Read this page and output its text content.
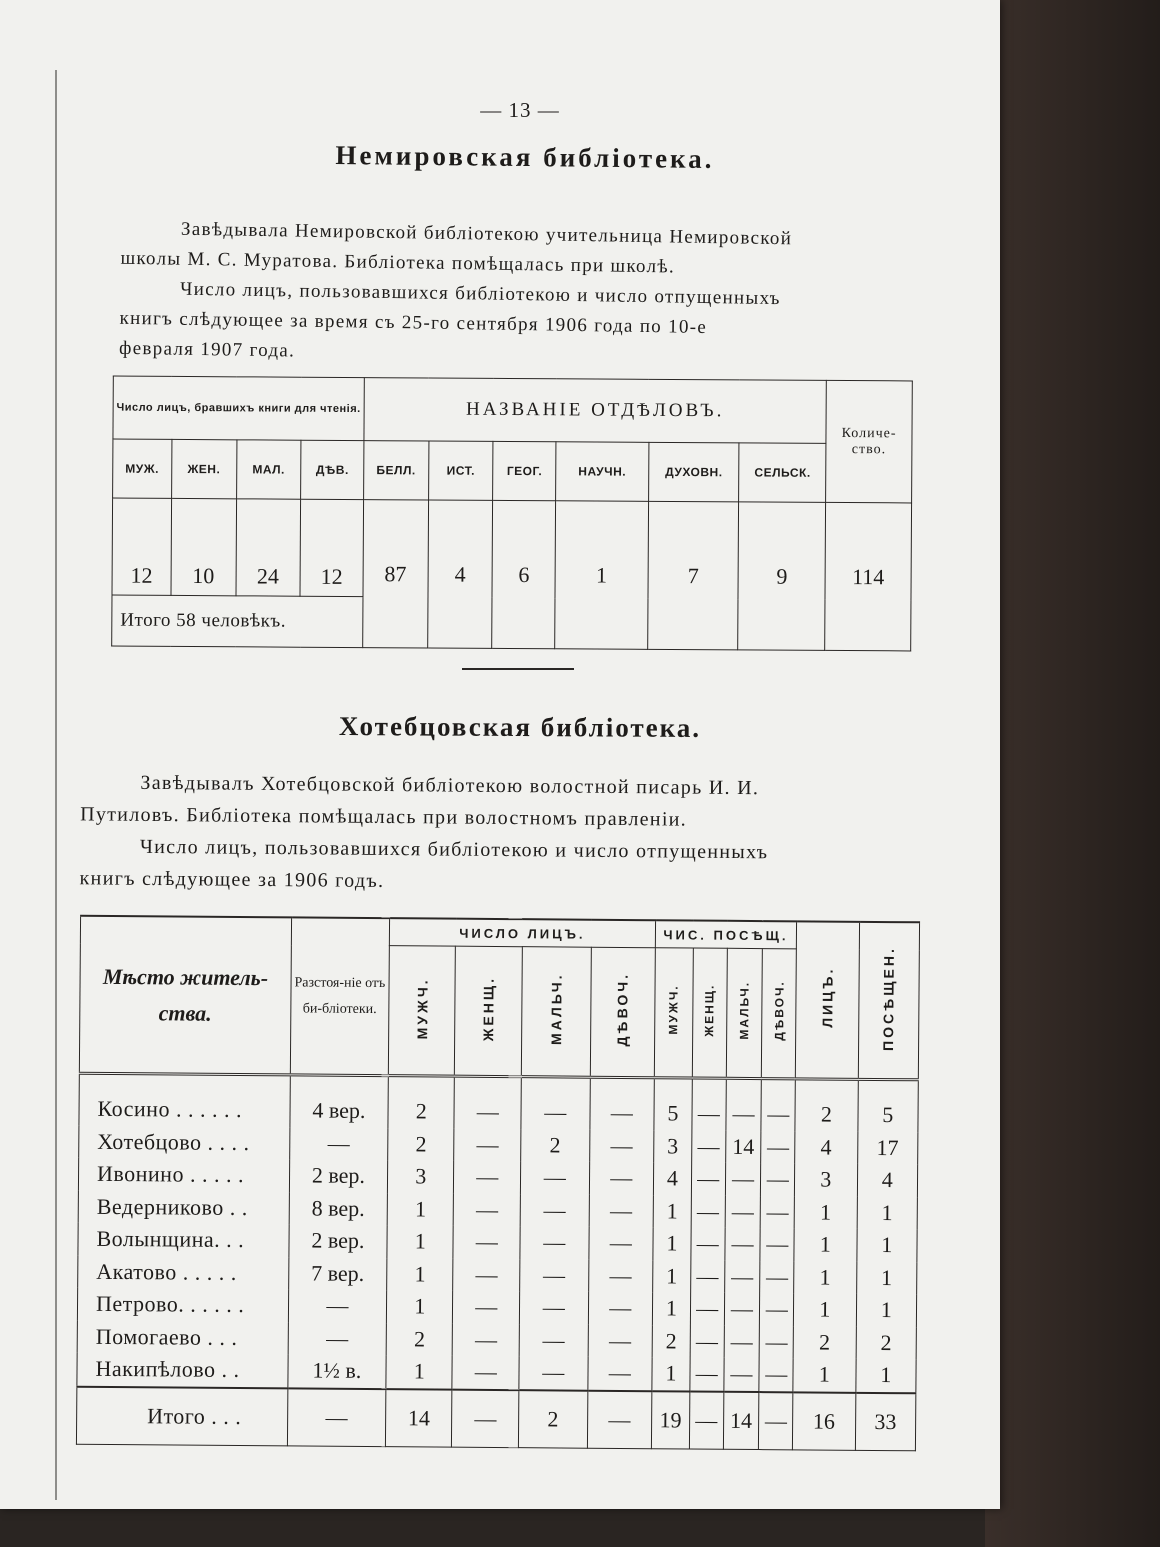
— 13 —
Немировская библіотека.
Завѣдывала Немировской библіотекою учительница Немировской
школы М. С. Муратова. Библіотека помѣщалась при школѣ.
Число лицъ, пользовавшихся библіотекою и число отпущенныхъ
книгъ слѣдующее за время съ 25-го сентября 1906 года по 10-е
февраля 1907 года.
Число лицъ, бравшихъ книги для чтенія.				НАЗВАНІЕ ОТДѢЛОВЪ.						Количе-ство.
МУЖ.	ЖЕН.	МАЛ.	ДѢВ.	БЕЛЛ.	ИСТ.	ГЕОГ.	НАУЧН.	ДУХОВН.	СЕЛЬСК.	
12	10	24	12	87	4	6	1	7	9	114
Итого 58 человѣкъ.										
Хотебцовская библіотека.
Завѣдывалъ Хотебцовской библіотекою волостной писарь И. И.
Путиловъ. Библіотека помѣщалась при волостномъ правленіи.
Число лицъ, пользовавшихся библіотекою и число отпущенныхъ
книгъ слѣдующее за 1906 годъ.
Мѣсто житель-ства.	Разстоя-ніе отъ би-бліотеки.	ЧИСЛО ЛИЦЪ.				ЧИС. ПОСѢЩ.				ЛИЦЪ.	ПОСѢЩЕН.
		МУЖЧ.	ЖЕНЩ.	МАЛЬЧ.	ДѢВОЧ.	МУЖЧ.	ЖЕНЩ.	МАЛЬЧ.	ДѢВОЧ.		
Косино . . . . . .	4 вер.	2	—	—	—	5	—	—	—	2	5
Хотебцово . . . .	—	2	—	2	—	3	—	14	—	4	17
Ивонино . . . . .	2 вер.	3	—	—	—	4	—	—	—	3	4
Ведерниково . .	8 вер.	1	—	—	—	1	—	—	—	1	1
Волынщина. . .	2 вер.	1	—	—	—	1	—	—	—	1	1
Акатово . . . . .	7 вер.	1	—	—	—	1	—	—	—	1	1
Петрово. . . . . .	—	1	—	—	—	1	—	—	—	1	1
Помогаево . . .	—	2	—	—	—	2	—	—	—	2	2
Накипѣлово . .	1½ в.	1	—	—	—	1	—	—	—	1	1
Итого . . .	—	14	—	2	—	19	—	14	—	16	33
